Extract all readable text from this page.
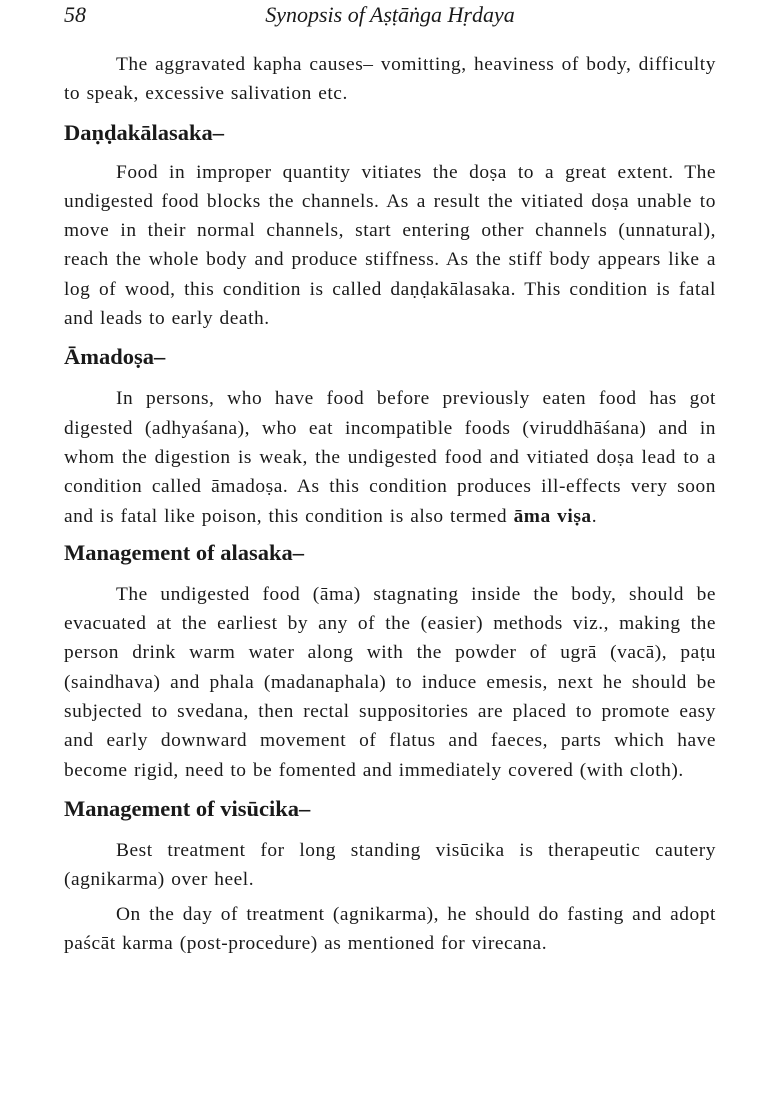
58	Synopsis of Aṣṭāṅga Hṛdaya

The aggravated kapha causes– vomitting, heaviness of body, difficulty to speak, excessive salivation etc.

Daṇḍakālasaka–

Food in improper quantity vitiates the doṣa to a great extent. The undigested food blocks the channels. As a result the vitiated doṣa unable to move in their normal channels, start entering other channels (unnatural), reach the whole body and produce stiffness. As the stiff body appears like a log of wood, this condition is called daṇḍakālasaka. This condition is fatal and leads to early death.

Āmadoṣa–

In persons, who have food before previously eaten food has got digested (adhyaśana), who eat incompatible foods (viruddhāśana) and in whom the digestion is weak, the undigested food and vitiated doṣa lead to a condition called āmadoṣa. As this condition produces ill-effects very soon and is fatal like poison, this condition is also termed āma viṣa.

Management of alasaka–

The undigested food (āma) stagnating inside the body, should be evacuated at the earliest by any of the (easier) methods viz., making the person drink warm water along with the powder of ugrā (vacā), paṭu (saindhava) and phala (madanaphala) to induce emesis, next he should be subjected to svedana, then rectal suppositories are placed to promote easy and early downward movement of flatus and faeces, parts which have become rigid, need to be fomented and immediately covered (with cloth).

Management of visūcika–

Best treatment for long standing visūcika is therapeutic cautery (agnikarma) over heel.

On the day of treatment (agnikarma), he should do fasting and adopt paścāt karma (post-procedure) as mentioned for virecana.
